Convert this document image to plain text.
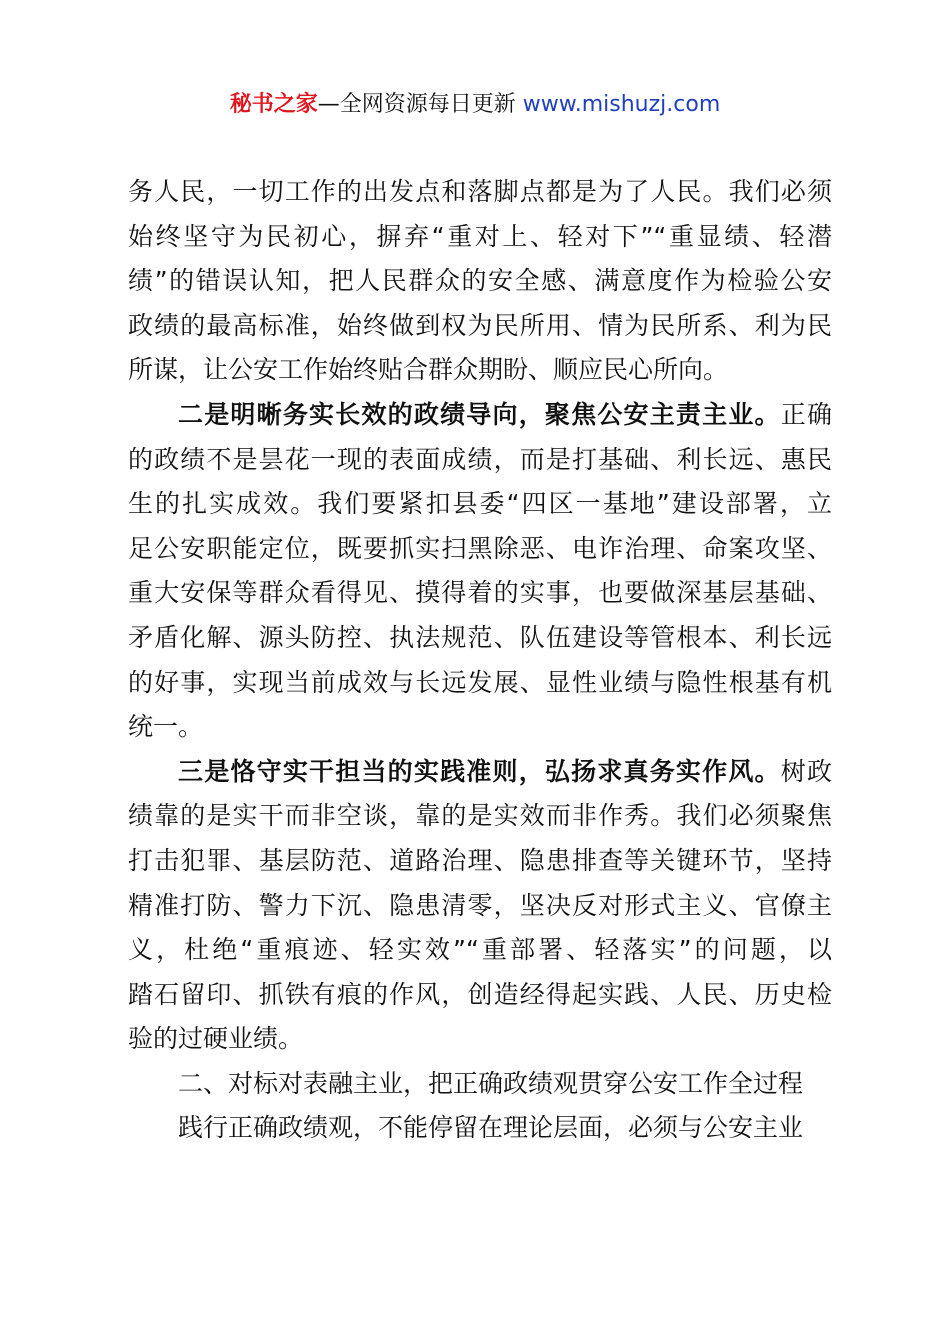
秘书之家—全网资源每日更新 www.mishuzj.com
务人民，一切工作的出发点和落脚点都是为了人民。我们必须
始终坚守为民初心，摒弃“重对上、轻对下”“重显绩、轻潜
绩”的错误认知，把人民群众的安全感、满意度作为检验公安
政绩的最高标准，始终做到权为民所用、情为民所系、利为民
所谋，让公安工作始终贴合群众期盼、顺应民心所向。
二是明晰务实长效的政绩导向，聚焦公安主责主业。正确
的政绩不是昙花一现的表面成绩，而是打基础、利长远、惠民
生的扎实成效。我们要紧扣县委“四区一基地”建设部署，立
足公安职能定位，既要抓实扫黑除恶、电诈治理、命案攻坚、
重大安保等群众看得见、摸得着的实事，也要做深基层基础、
矛盾化解、源头防控、执法规范、队伍建设等管根本、利长远
的好事，实现当前成效与长远发展、显性业绩与隐性根基有机
统一。
三是恪守实干担当的实践准则，弘扬求真务实作风。树政
绩靠的是实干而非空谈，靠的是实效而非作秀。我们必须聚焦
打击犯罪、基层防范、道路治理、隐患排查等关键环节，坚持
精准打防、警力下沉、隐患清零，坚决反对形式主义、官僚主
义，杜绝“重痕迹、轻实效”“重部署、轻落实”的问题，以
踏石留印、抓铁有痕的作风，创造经得起实践、人民、历史检
验的过硬业绩。
二、对标对表融主业，把正确政绩观贯穿公安工作全过程
践行正确政绩观，不能停留在理论层面，必须与公安主业
